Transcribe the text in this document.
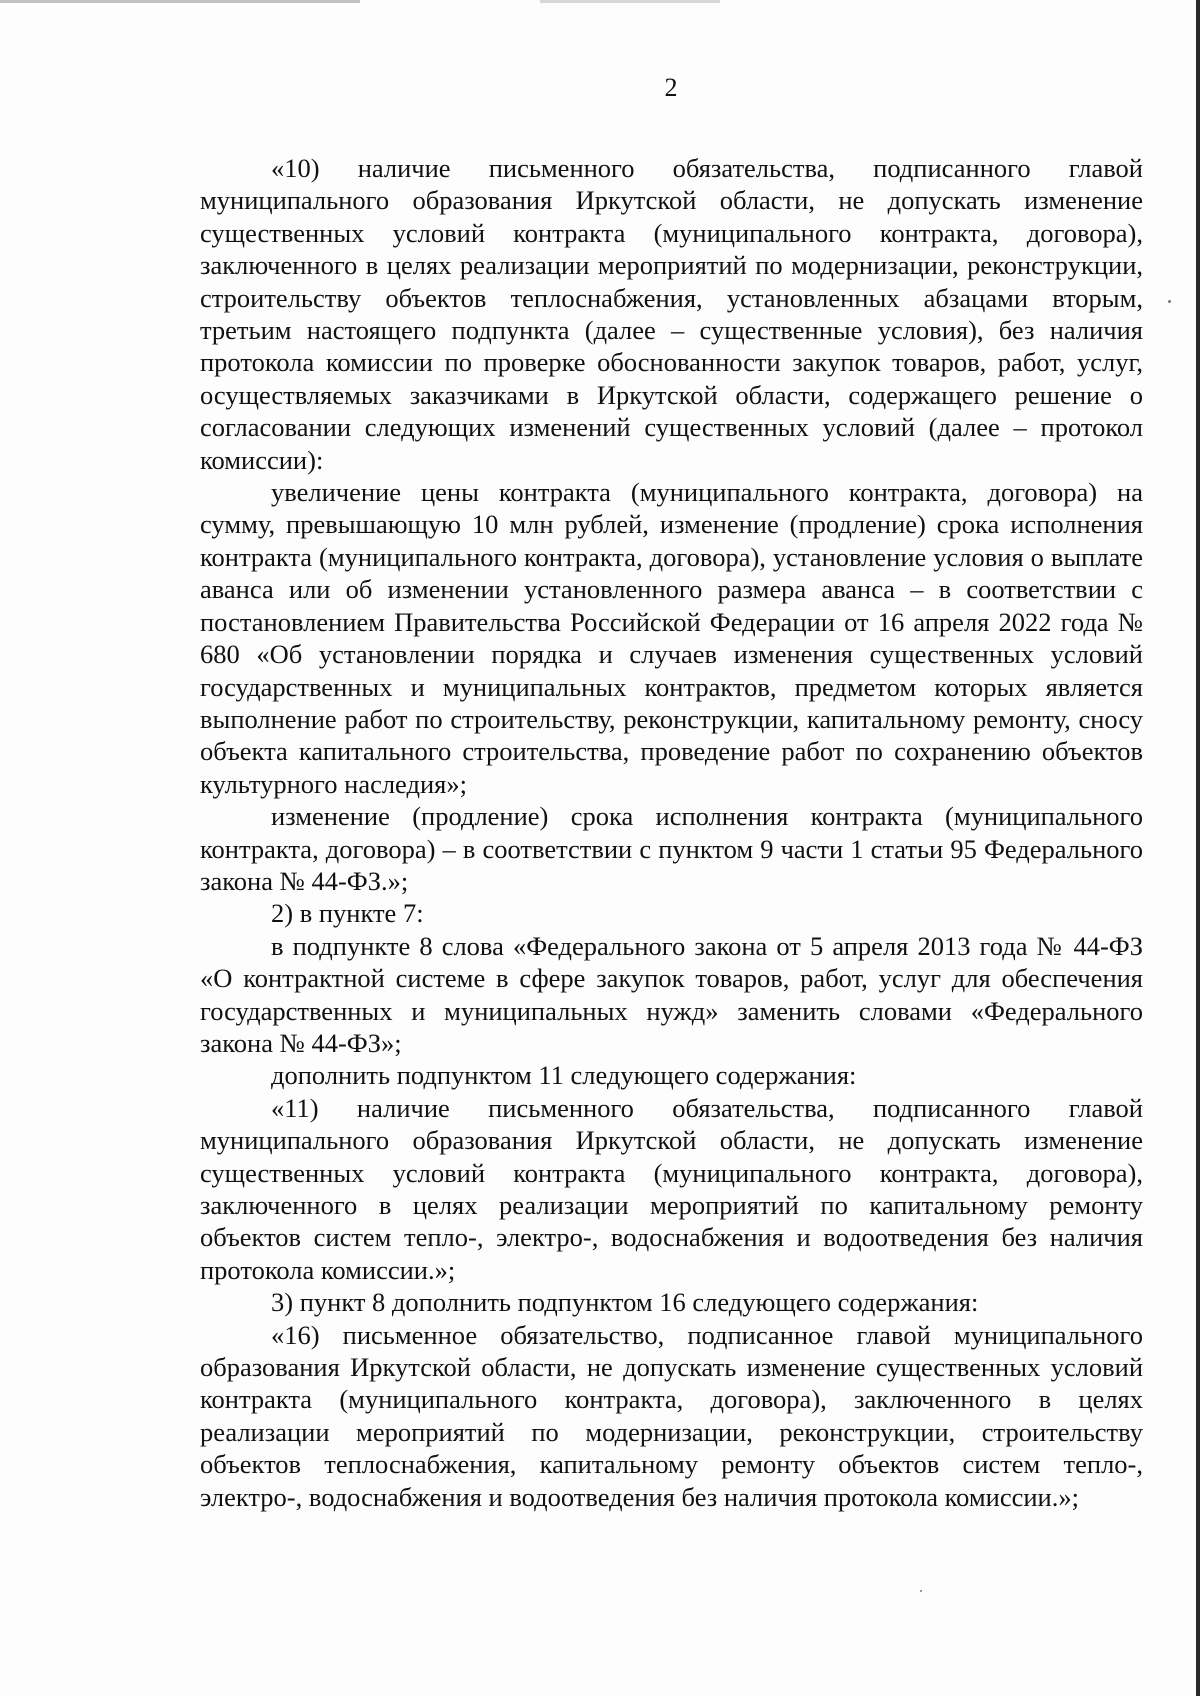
2

«10) наличие письменного обязательства, подписанного главой муниципального образования Иркутской области, не допускать изменение существенных условий контракта (муниципального контракта, договора), заключенного в целях реализации мероприятий по модернизации, реконструкции, строительству объектов теплоснабжения, установленных абзацами вторым, третьим настоящего подпункта (далее – существенные условия), без наличия протокола комиссии по проверке обоснованности закупок товаров, работ, услуг, осуществляемых заказчиками в Иркутской области, содержащего решение о согласовании следующих изменений существенных условий (далее – протокол комиссии):

увеличение цены контракта (муниципального контракта, договора) на сумму, превышающую 10 млн рублей, изменение (продление) срока исполнения контракта (муниципального контракта, договора), установление условия о выплате аванса или об изменении установленного размера аванса – в соответствии с постановлением Правительства Российской Федерации от 16 апреля 2022 года № 680 «Об установлении порядка и случаев изменения существенных условий государственных и муниципальных контрактов, предметом которых является выполнение работ по строительству, реконструкции, капитальному ремонту, сносу объекта капитального строительства, проведение работ по сохранению объектов культурного наследия»;

изменение (продление) срока исполнения контракта (муниципального контракта, договора) – в соответствии с пунктом 9 части 1 статьи 95 Федерального закона № 44-ФЗ.»;

2) в пункте 7:

в подпункте 8 слова «Федерального закона от 5 апреля 2013 года № 44-ФЗ «О контрактной системе в сфере закупок товаров, работ, услуг для обеспечения государственных и муниципальных нужд» заменить словами «Федерального закона № 44-ФЗ»;

дополнить подпунктом 11 следующего содержания:

«11) наличие письменного обязательства, подписанного главой муниципального образования Иркутской области, не допускать изменение существенных условий контракта (муниципального контракта, договора), заключенного в целях реализации мероприятий по капитальному ремонту объектов систем тепло-, электро-, водоснабжения и водоотведения без наличия протокола комиссии.»;

3) пункт 8 дополнить подпунктом 16 следующего содержания:

«16) письменное обязательство, подписанное главой муниципального образования Иркутской области, не допускать изменение существенных условий контракта (муниципального контракта, договора), заключенного в целях реализации мероприятий по модернизации, реконструкции, строительству объектов теплоснабжения, капитальному ремонту объектов систем тепло-, электро-, водоснабжения и водоотведения без наличия протокола комиссии.»;
